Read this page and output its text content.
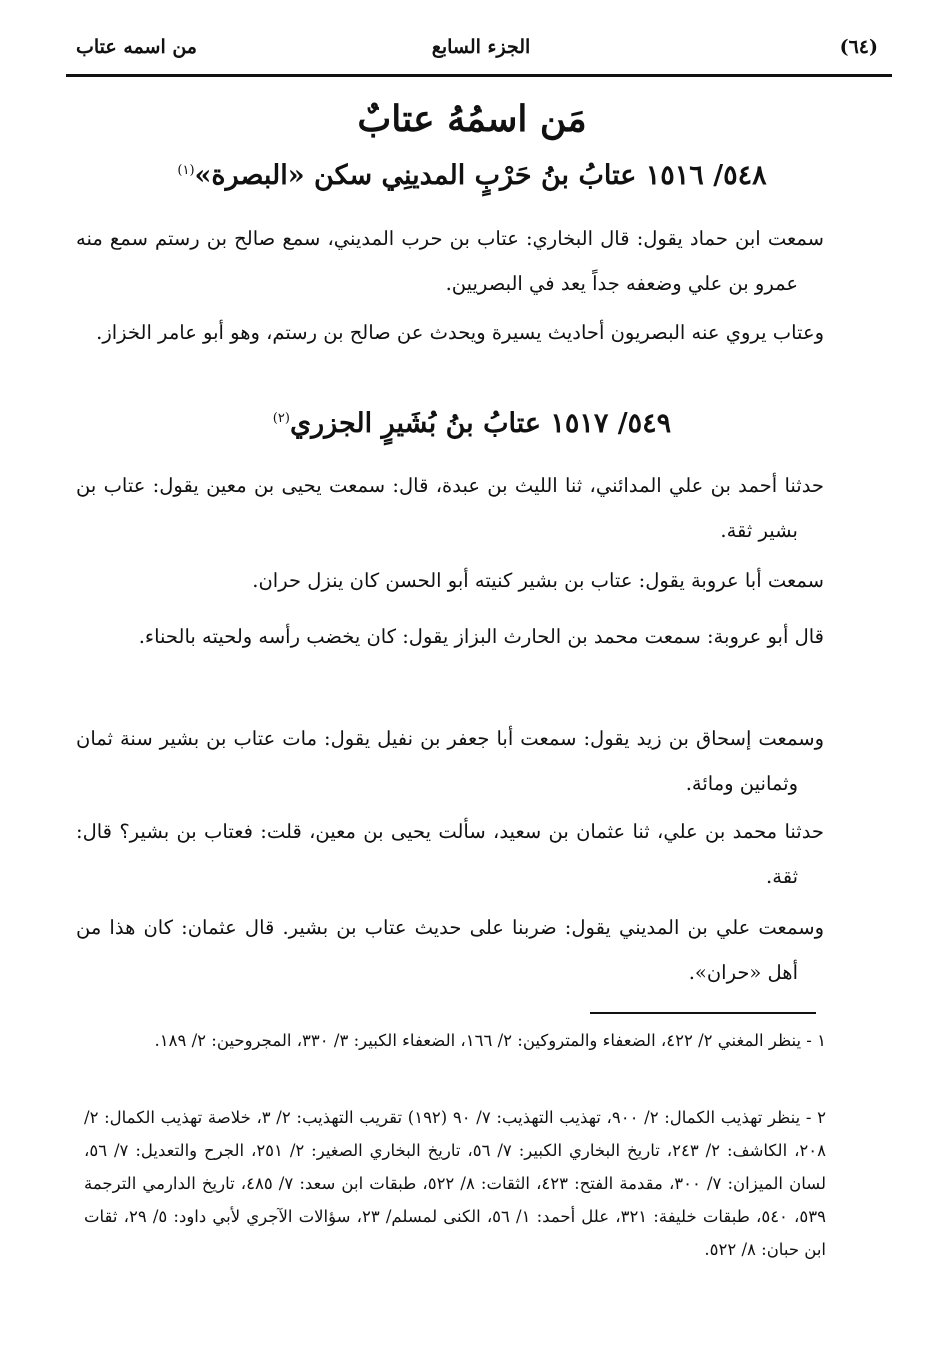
(٦٤)
الجزء السابع
من اسمه عتاب
مَن اسمُهُ عتابٌ
٥٤٨/ ١٥١٦ عتابُ بنُ حَرْبٍ المدينِي سكن «البصرة»$^{(١)}$
سمعت ابن حماد يقول: قال البخاري: عتاب بن حرب المديني، سمع صالح بن رستم سمع منه عمرو بن علي وضعفه جداً يعد في البصريين.
وعتاب يروي عنه البصريون أحاديث يسيرة ويحدث عن صالح بن رستم، وهو أبو عامر الخزاز.
٥٤٩/ ١٥١٧ عتابُ بنُ بُشَيرٍ الجزري$^{(٢)}$
حدثنا أحمد بن علي المدائني، ثنا الليث بن عبدة، قال: سمعت يحيى بن معين يقول: عتاب بن بشير ثقة.
سمعت أبا عروبة يقول: عتاب بن بشير كنيته أبو الحسن كان ينزل حران.
قال أبو عروبة: سمعت محمد بن الحارث البزاز يقول: كان يخضب رأسه ولحيته بالحناء.
وسمعت إسحاق بن زيد يقول: سمعت أبا جعفر بن نفيل يقول: مات عتاب بن بشير سنة ثمان وثمانين ومائة.
حدثنا محمد بن علي، ثنا عثمان بن سعيد، سألت يحيى بن معين، قلت: فعتاب بن بشير؟ قال: ثقة.
وسمعت علي بن المديني يقول: ضربنا على حديث عتاب بن بشير. قال عثمان: كان هذا من أهل «حران».
١ - ينظر المغني ٢/ ٤٢٢، الضعفاء والمتروكين: ٢/ ١٦٦، الضعفاء الكبير: ٣/ ٣٣٠، المجروحين: ٢/ ١٨٩.
٢ - ينظر تهذيب الكمال: ٢/ ٩٠٠، تهذيب التهذيب: ٧/ ٩٠ (١٩٢) تقريب التهذيب: ٢/ ٣، خلاصة تهذيب الكمال: ٢/ ٢٠٨، الكاشف: ٢/ ٢٤٣، تاريخ البخاري الكبير: ٧/ ٥٦، تاريخ البخاري الصغير: ٢/ ٢٥١، الجرح والتعديل: ٧/ ٥٦، لسان الميزان: ٧/ ٣٠٠، مقدمة الفتح: ٤٢٣، الثقات: ٨/ ٥٢٢، طبقات ابن سعد: ٧/ ٤٨٥، تاريخ الدارمي الترجمة ٥٣٩، ٥٤٠، طبقات خليفة: ٣٢١، علل أحمد: ١/ ٥٦، الكنى لمسلم/ ٢٣، سؤالات الآجري لأبي داود: ٥/ ٢٩، ثقات ابن حبان: ٨/ ٥٢٢.
